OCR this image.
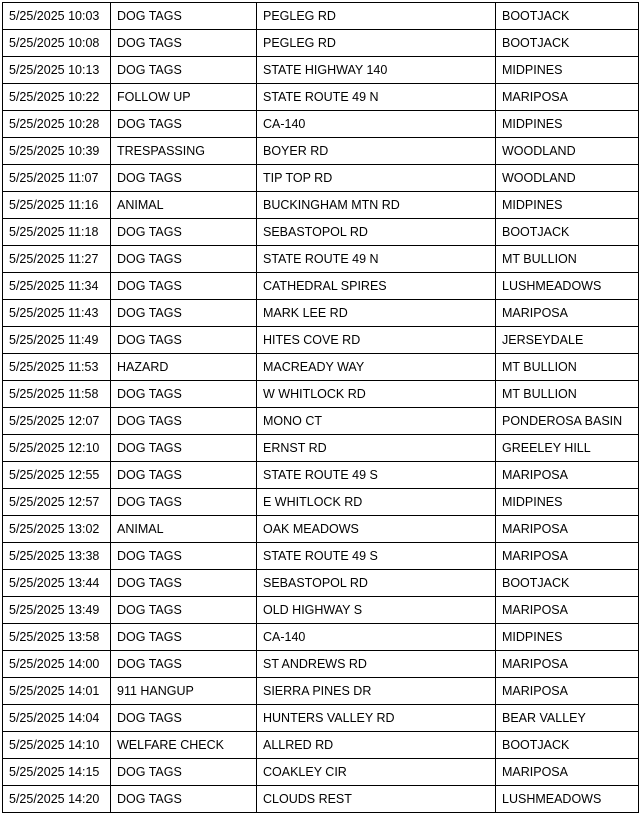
5/25/2025 10:03	DOG TAGS	PEGLEG RD	BOOTJACK
5/25/2025 10:08	DOG TAGS	PEGLEG RD	BOOTJACK
5/25/2025 10:13	DOG TAGS	STATE HIGHWAY 140	MIDPINES
5/25/2025 10:22	FOLLOW UP	STATE ROUTE 49 N	MARIPOSA
5/25/2025 10:28	DOG TAGS	CA-140	MIDPINES
5/25/2025 10:39	TRESPASSING	BOYER RD	WOODLAND
5/25/2025 11:07	DOG TAGS	TIP TOP RD	WOODLAND
5/25/2025 11:16	ANIMAL	BUCKINGHAM MTN RD	MIDPINES
5/25/2025 11:18	DOG TAGS	SEBASTOPOL RD	BOOTJACK
5/25/2025 11:27	DOG TAGS	STATE ROUTE 49 N	MT BULLION
5/25/2025 11:34	DOG TAGS	CATHEDRAL SPIRES	LUSHMEADOWS
5/25/2025 11:43	DOG TAGS	MARK LEE RD	MARIPOSA
5/25/2025 11:49	DOG TAGS	HITES COVE RD	JERSEYDALE
5/25/2025 11:53	HAZARD	MACREADY WAY	MT BULLION
5/25/2025 11:58	DOG TAGS	W WHITLOCK RD	MT BULLION
5/25/2025 12:07	DOG TAGS	MONO CT	PONDEROSA BASIN
5/25/2025 12:10	DOG TAGS	ERNST RD	GREELEY HILL
5/25/2025 12:55	DOG TAGS	STATE ROUTE 49 S	MARIPOSA
5/25/2025 12:57	DOG TAGS	E WHITLOCK RD	MIDPINES
5/25/2025 13:02	ANIMAL	OAK MEADOWS	MARIPOSA
5/25/2025 13:38	DOG TAGS	STATE ROUTE 49 S	MARIPOSA
5/25/2025 13:44	DOG TAGS	SEBASTOPOL RD	BOOTJACK
5/25/2025 13:49	DOG TAGS	OLD HIGHWAY S	MARIPOSA
5/25/2025 13:58	DOG TAGS	CA-140	MIDPINES
5/25/2025 14:00	DOG TAGS	ST ANDREWS RD	MARIPOSA
5/25/2025 14:01	911 HANGUP	SIERRA PINES DR	MARIPOSA
5/25/2025 14:04	DOG TAGS	HUNTERS VALLEY RD	BEAR VALLEY
5/25/2025 14:10	WELFARE CHECK	ALLRED RD	BOOTJACK
5/25/2025 14:15	DOG TAGS	COAKLEY CIR	MARIPOSA
5/25/2025 14:20	DOG TAGS	CLOUDS REST	LUSHMEADOWS
